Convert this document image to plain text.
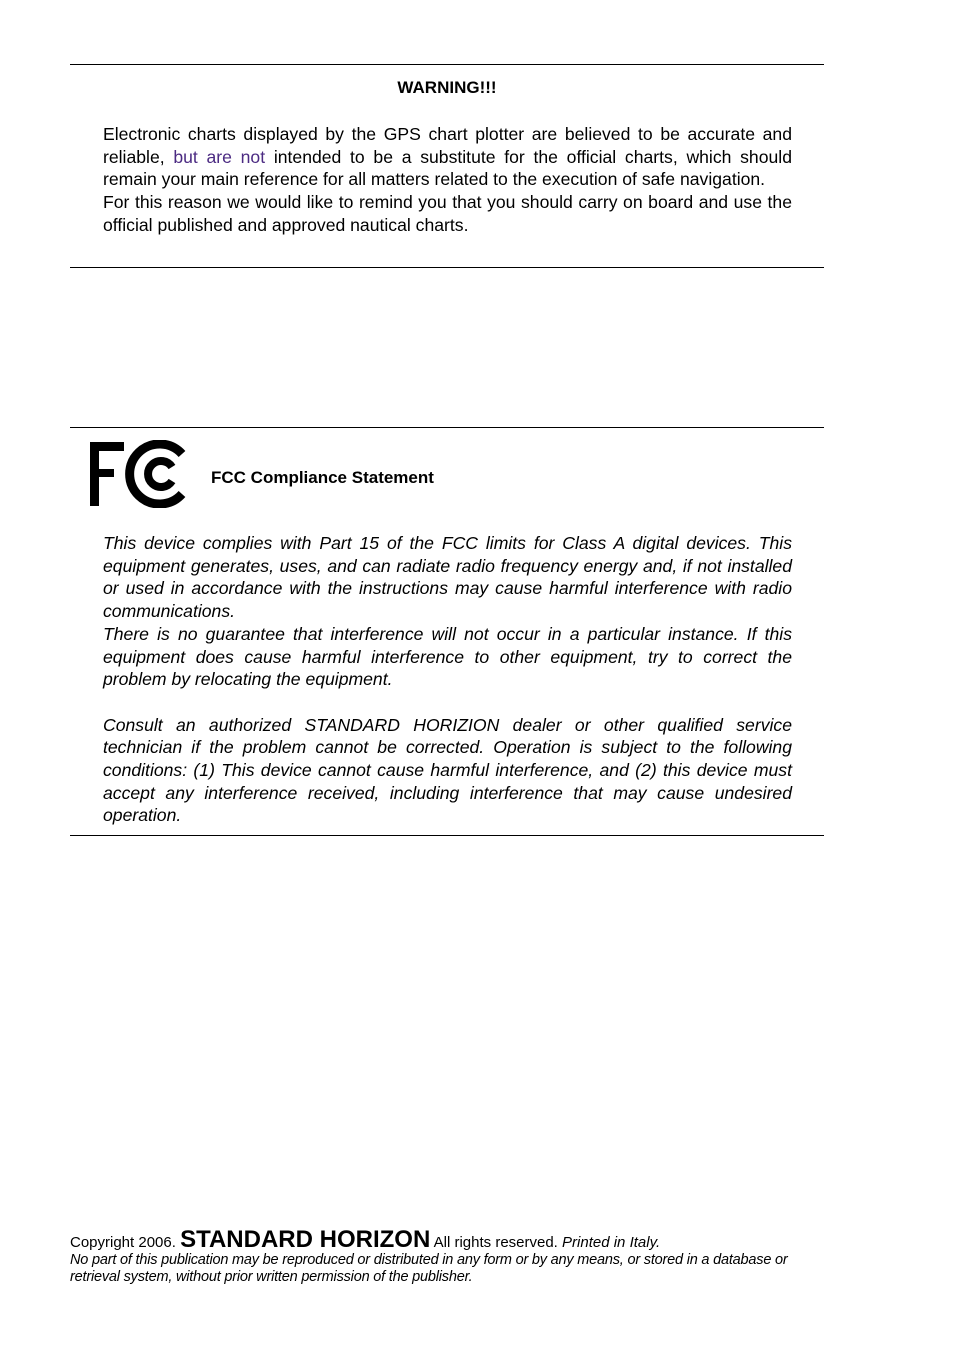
WARNING!!!

Electronic charts displayed by the GPS chart plotter are believed to be accurate and reliable, but are not intended to be a substitute for the official charts, which should remain your main reference for all matters related to the execution of safe navigation.

For this reason we would like to remind you that you should carry on board and use the official published and approved nautical charts.

FCC Compliance Statement

This device complies with Part 15 of the FCC limits for Class A digital devices. This equipment generates, uses, and can radiate radio frequency energy and, if not installed or used in accordance with the instructions may cause harmful interference with radio communications.

There is no guarantee that interference will not occur in a particular instance. If this equipment does cause harmful interference to other equipment, try to correct the problem by relocating the equipment.

Consult an authorized STANDARD HORIZION dealer or other qualified service technician if the problem cannot be corrected. Operation is subject to the following conditions: (1) This device cannot cause harmful interference, and (2) this device must accept any interference received, including interference that may cause undesired operation.

Copyright 2006. STANDARD HORIZON All rights reserved. Printed in Italy.
No part of this publication may be reproduced or distributed in any form or by any means, or stored in a database or retrieval system, without prior written permission of the publisher.
